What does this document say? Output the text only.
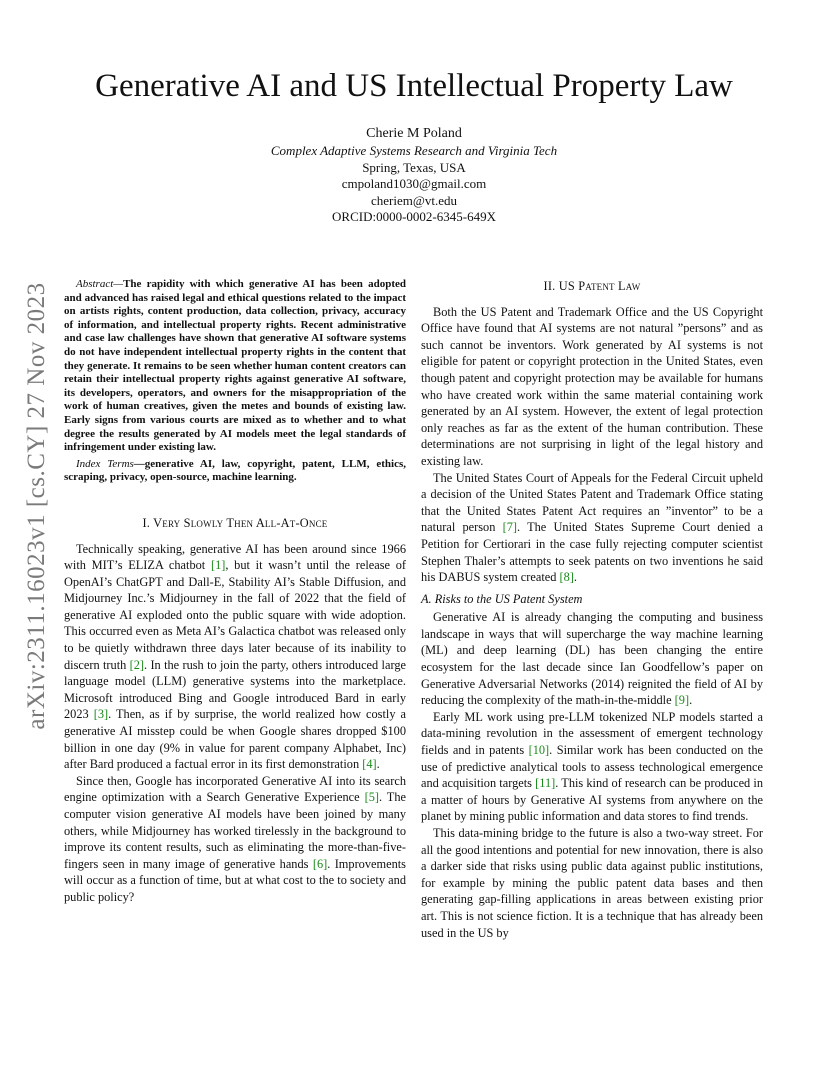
arXiv:2311.16023v1 [cs.CY] 27 Nov 2023
Generative AI and US Intellectual Property Law
Cherie M Poland
Complex Adaptive Systems Research and Virginia Tech
Spring, Texas, USA
cmpoland1030@gmail.com
cheriem@vt.edu
ORCID:0000-0002-6345-649X

Abstract—The rapidity with which generative AI has been adopted and advanced has raised legal and ethical questions related to the impact on artists rights, content production, data collection, privacy, accuracy of information, and intellectual property rights. Recent administrative and case law challenges have shown that generative AI software systems do not have independent intellectual property rights in the content that they generate. It remains to be seen whether human content creators can retain their intellectual property rights against generative AI software, its developers, operators, and owners for the misappropriation of the work of human creatives, given the metes and bounds of existing law. Early signs from various courts are mixed as to whether and to what degree the results generated by AI models meet the legal standards of infringement under existing law.

Index Terms—generative AI, law, copyright, patent, LLM, ethics, scraping, privacy, open-source, machine learning.

I. Very Slowly Then All-At-Once

Technically speaking, generative AI has been around since 1966 with MIT’s ELIZA chatbot [1], but it wasn’t until the release of OpenAI’s ChatGPT and Dall-E, Stability AI’s Stable Diffusion, and Midjourney Inc.’s Midjourney in the fall of 2022 that the field of generative AI exploded onto the public square with wide adoption. This occurred even as Meta AI’s Galactica chatbot was released only to be quietly withdrawn three days later because of its inability to discern truth [2]. In the rush to join the party, others introduced large language model (LLM) generative systems into the marketplace. Microsoft introduced Bing and Google introduced Bard in early 2023 [3]. Then, as if by surprise, the world realized how costly a generative AI misstep could be when Google shares dropped $100 billion in one day (9% in value for parent company Alphabet, Inc) after Bard produced a factual error in its first demonstration [4].

Since then, Google has incorporated Generative AI into its search engine optimization with a Search Generative Experience [5]. The computer vision generative AI models have been joined by many others, while Midjourney has worked tirelessly in the background to improve its content results, such as eliminating the more-than-five-fingers seen in many image of generative hands [6]. Improvements will occur as a function of time, but at what cost to the to society and public policy?

II. US Patent Law

Both the US Patent and Trademark Office and the US Copyright Office have found that AI systems are not natural ”persons” and as such cannot be inventors. Work generated by AI systems is not eligible for patent or copyright protection in the United States, even though patent and copyright protection may be available for humans who have created work within the same material containing work generated by an AI system. However, the extent of legal protection only reaches as far as the extent of the human contribution. These determinations are not surprising in light of the legal history and existing law.

The United States Court of Appeals for the Federal Circuit upheld a decision of the United States Patent and Trademark Office stating that the United States Patent Act requires an ”inventor” to be a natural person [7]. The United States Supreme Court denied a Petition for Certiorari in the case fully rejecting computer scientist Stephen Thaler’s attempts to seek patents on two inventions he said his DABUS system created [8].

A. Risks to the US Patent System

Generative AI is already changing the computing and business landscape in ways that will supercharge the way machine learning (ML) and deep learning (DL) has been changing the entire ecosystem for the last decade since Ian Goodfellow’s paper on Generative Adversarial Networks (2014) reignited the field of AI by reducing the complexity of the math-in-the-middle [9].

Early ML work using pre-LLM tokenized NLP models started a data-mining revolution in the assessment of emergent technology fields and in patents [10]. Similar work has been conducted on the use of predictive analytical tools to assess technological emergence and acquisition targets [11]. This kind of research can be produced in a matter of hours by Generative AI systems from anywhere on the planet by mining public information and data stores to find trends.

This data-mining bridge to the future is also a two-way street. For all the good intentions and potential for new innovation, there is also a darker side that risks using public data against public institutions, for example by mining the public patent data bases and then generating gap-filling applications in areas between existing prior art. This is not science fiction. It is a technique that has already been used in the US by
